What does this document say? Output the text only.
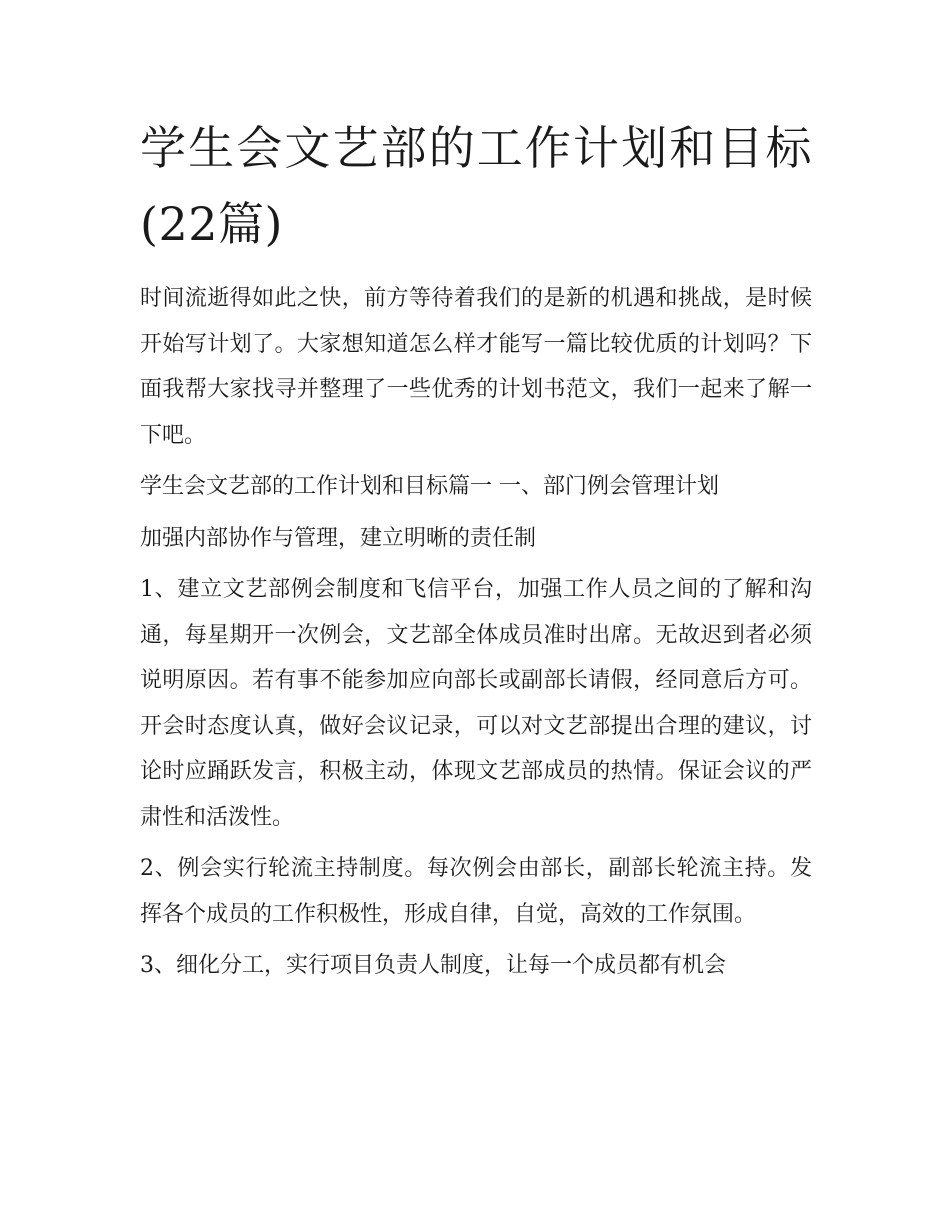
学生会文艺部的工作计划和目标(22篇)

时间流逝得如此之快，前方等待着我们的是新的机遇和挑战，是时候开始写计划了。大家想知道怎么样才能写一篇比较优质的计划吗？下面我帮大家找寻并整理了一些优秀的计划书范文，我们一起来了解一下吧。

学生会文艺部的工作计划和目标篇一 一、部门例会管理计划

加强内部协作与管理，建立明晰的责任制

1、建立文艺部例会制度和飞信平台，加强工作人员之间的了解和沟通，每星期开一次例会，文艺部全体成员准时出席。无故迟到者必须说明原因。若有事不能参加应向部长或副部长请假，经同意后方可。开会时态度认真，做好会议记录，可以对文艺部提出合理的建议，讨论时应踊跃发言，积极主动，体现文艺部成员的热情。保证会议的严肃性和活泼性。

2、例会实行轮流主持制度。每次例会由部长，副部长轮流主持。发挥各个成员的工作积极性，形成自律，自觉，高效的工作氛围。

3、细化分工，实行项目负责人制度，让每一个成员都有机会
